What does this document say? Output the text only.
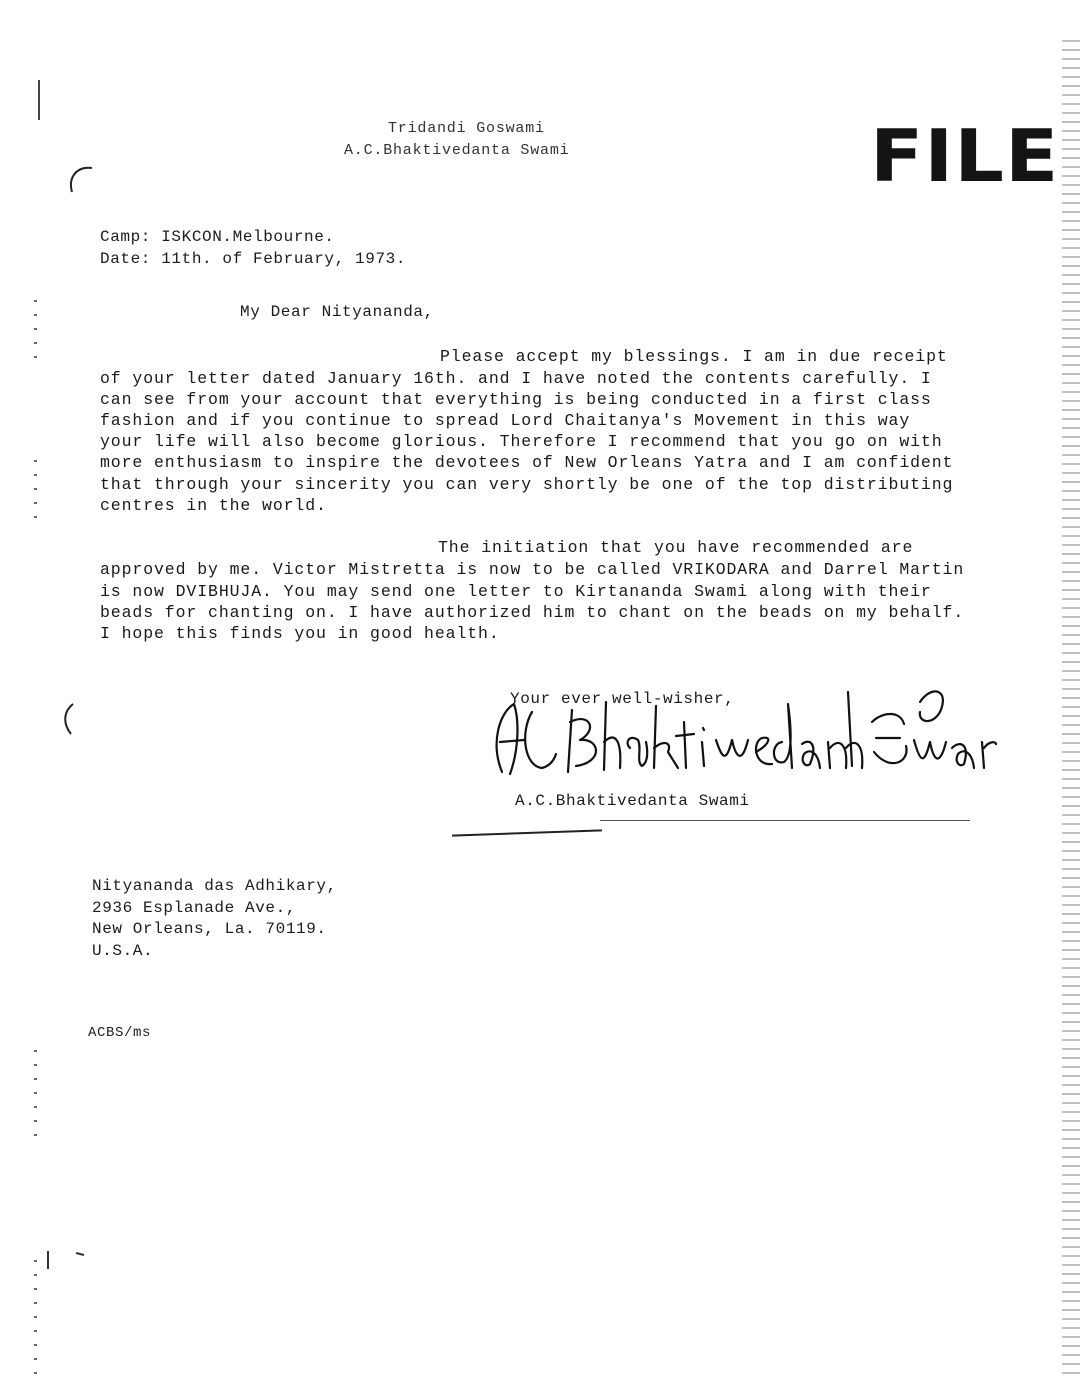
Tridandi Goswami
A.C.Bhaktivedanta Swami	FILE
Camp: ISKCON.Melbourne.
Date: 11th. of February, 1973.
My Dear Nityananda,
Please accept my blessings. I am in due receipt
of your letter dated January 16th. and I have noted the contents carefully. I
can see from your account that everything is being conducted in a first class
fashion and if you continue to spread Lord Chaitanya's Movement in this way
your life will also become glorious. Therefore I recommend that you go on with
more enthusiasm to inspire the devotees of New Orleans Yatra and I am confident
that through your sincerity you can very shortly be one of the top distributing
centres in the world.
The initiation that you have recommended are
approved by me. Victor Mistretta is now to be called VRIKODARA and Darrel Martin
is now DVIBHUJA. You may send one letter to Kirtananda Swami along with their
beads for chanting on. I have authorized him to chant on the beads on my behalf.
I hope this finds you in good health.
Your ever well-wisher,
A.C.Bhaktivedanta Swami
Nityananda das Adhikary,
2936 Esplanade Ave.,
New Orleans, La. 70119.
U.S.A.
ACBS/ms
